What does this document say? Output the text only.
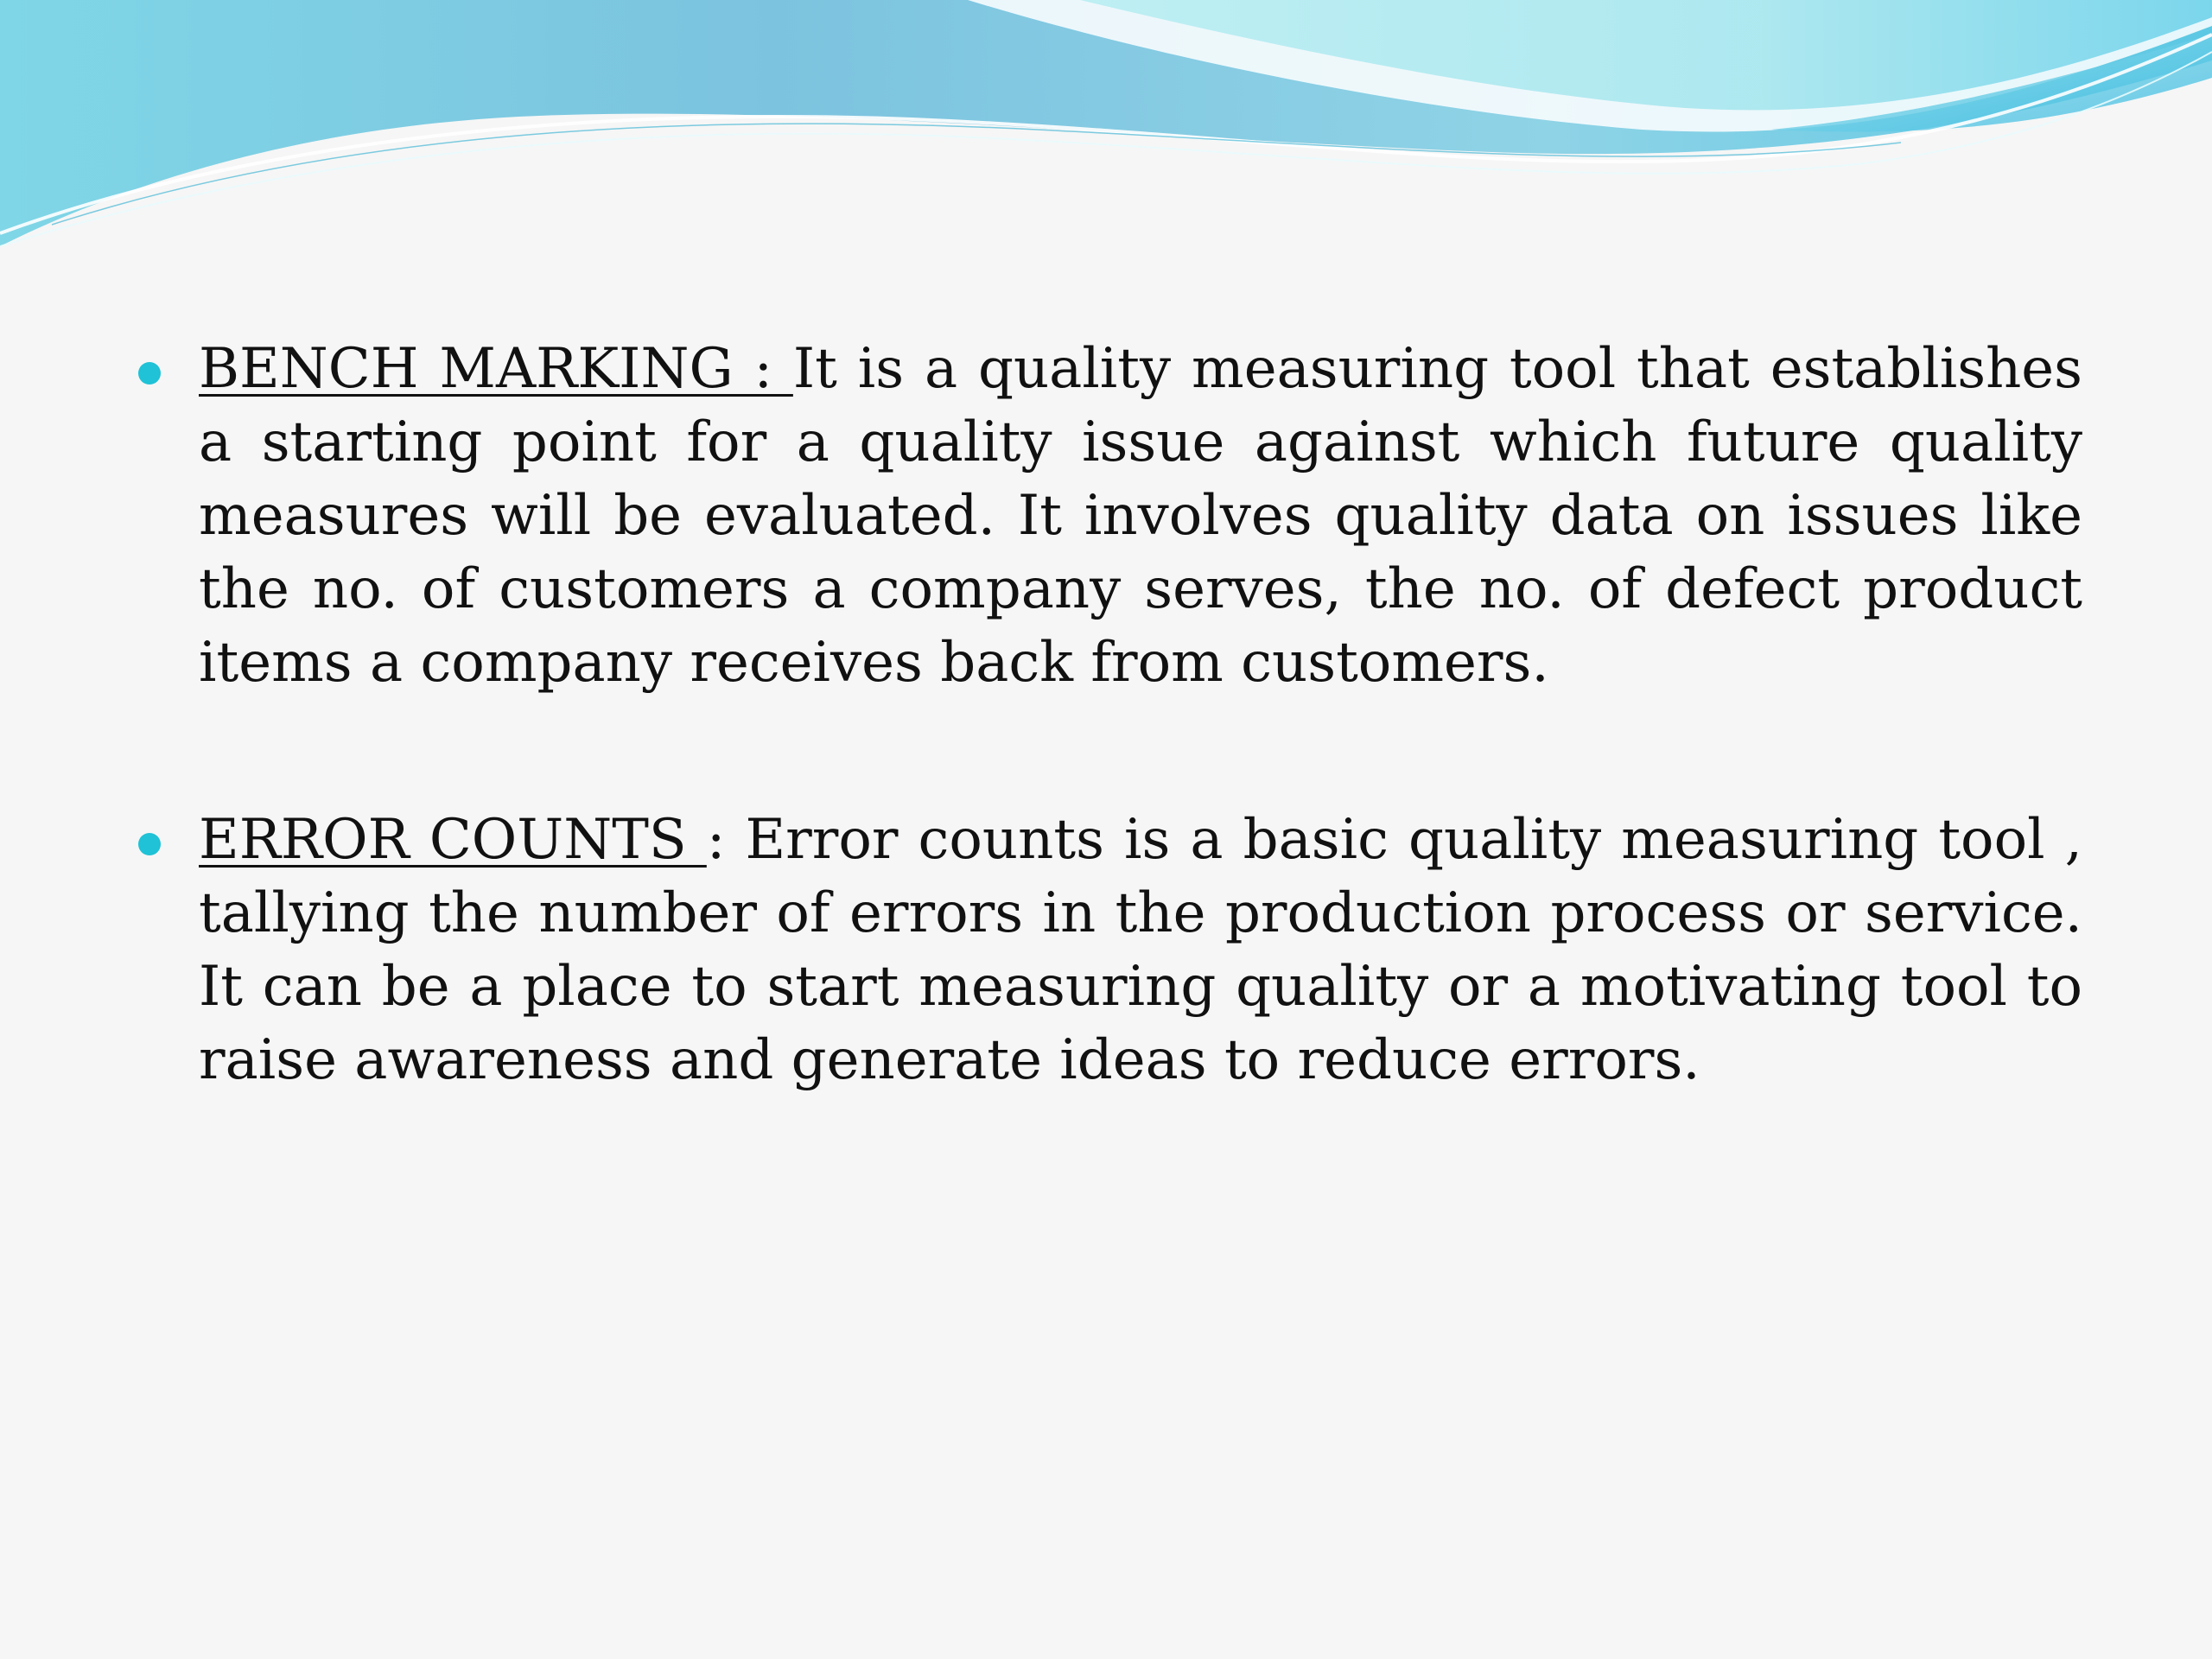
BENCH MARKING : It is a quality measuring tool that establishes a starting point for a quality issue against which future quality measures will be evaluated. It involves quality data on issues like the no. of customers a company serves, the no. of defect product items a company receives back from customers.

ERROR COUNTS : Error counts is a basic quality measuring tool , tallying the number of errors in the production process or service. It can be a place to start measuring quality or a motivating tool to raise awareness and generate ideas to reduce errors.
